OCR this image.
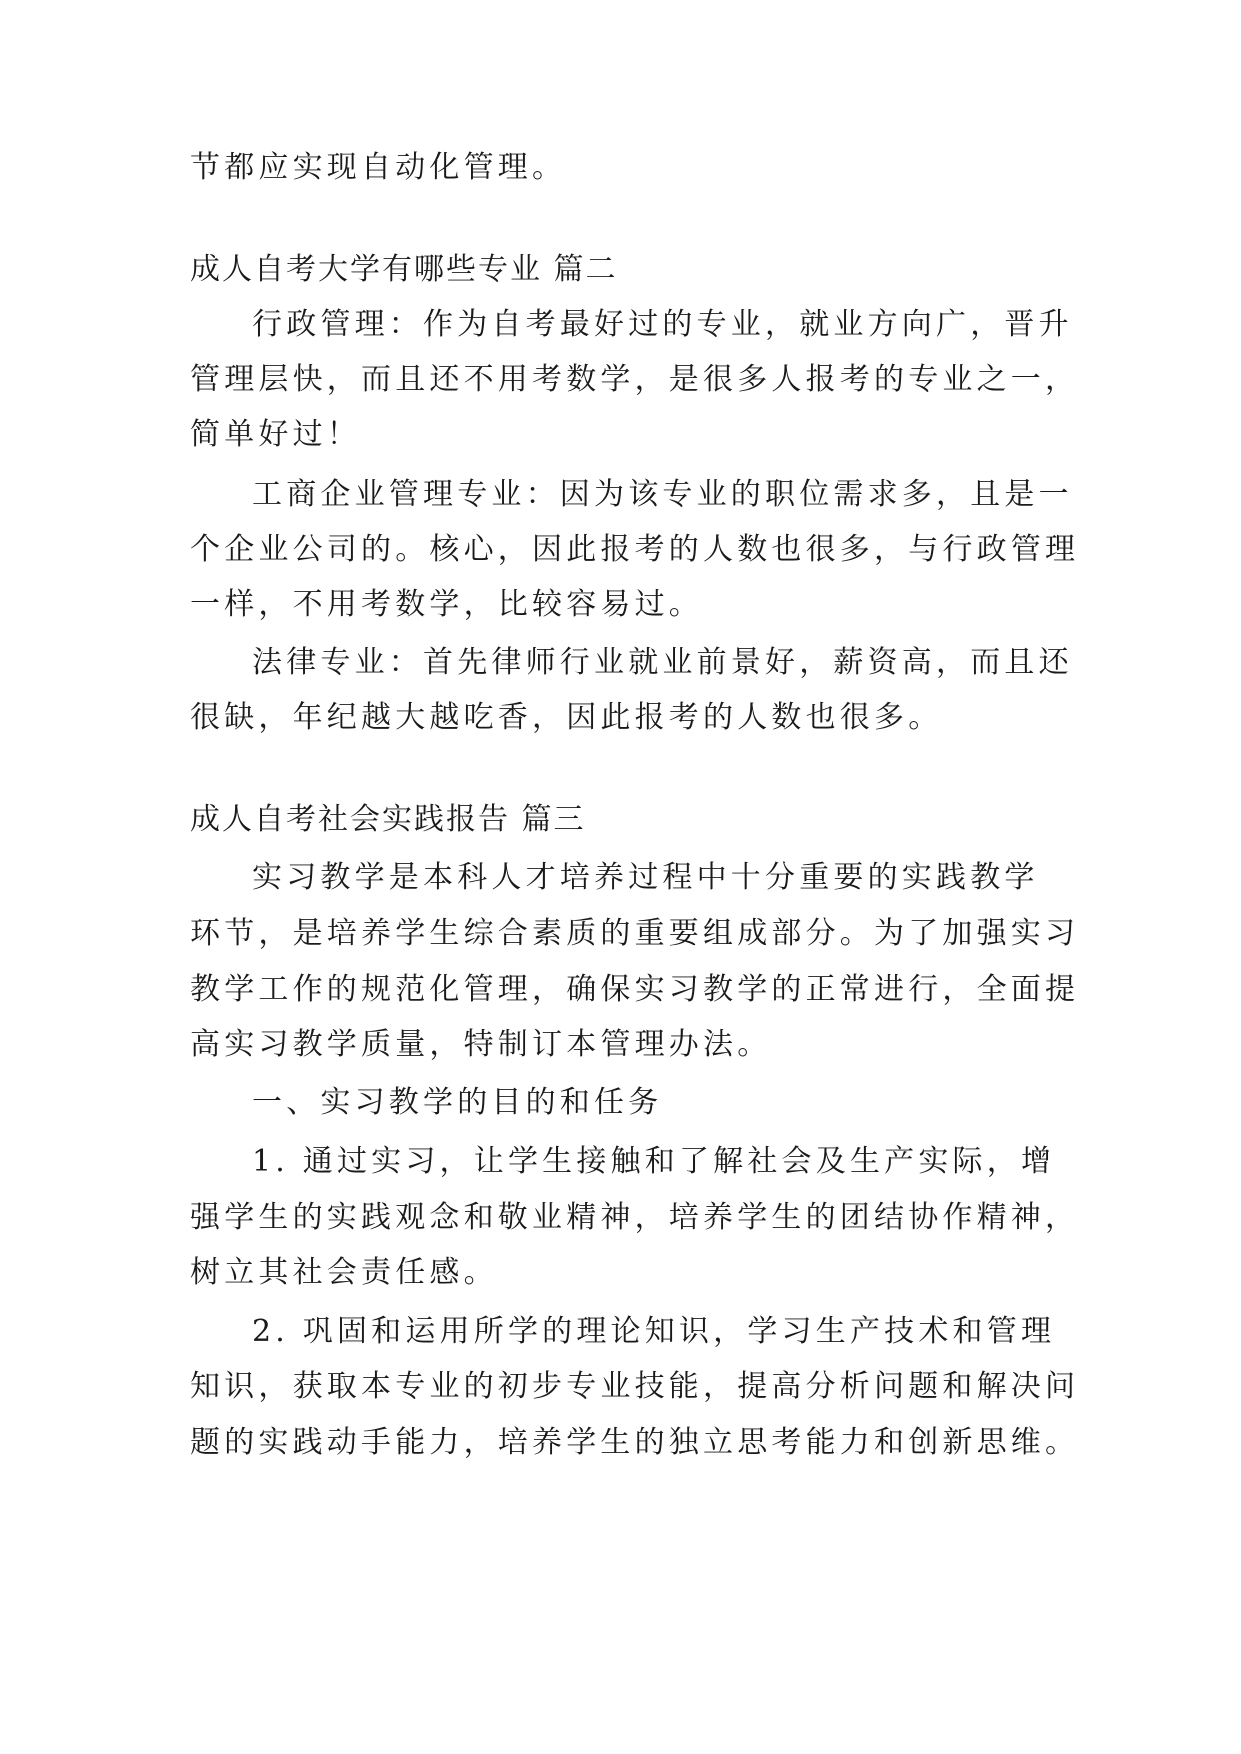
节都应实现自动化管理。
成人自考大学有哪些专业 篇二
行政管理：作为自考最好过的专业，就业方向广，晋升
管理层快，而且还不用考数学，是很多人报考的专业之一，
简单好过！
工商企业管理专业：因为该专业的职位需求多，且是一
个企业公司的。核心，因此报考的人数也很多，与行政管理
一样，不用考数学，比较容易过。
法律专业：首先律师行业就业前景好，薪资高，而且还
很缺，年纪越大越吃香，因此报考的人数也很多。
成人自考社会实践报告 篇三
实习教学是本科人才培养过程中十分重要的实践教学
环节，是培养学生综合素质的重要组成部分。为了加强实习
教学工作的规范化管理，确保实习教学的正常进行，全面提
高实习教学质量，特制订本管理办法。
一、实习教学的目的和任务
1. 通过实习，让学生接触和了解社会及生产实际，增
强学生的实践观念和敬业精神，培养学生的团结协作精神，
树立其社会责任感。
2. 巩固和运用所学的理论知识，学习生产技术和管理
知识，获取本专业的初步专业技能，提高分析问题和解决问
题的实践动手能力，培养学生的独立思考能力和创新思维。
